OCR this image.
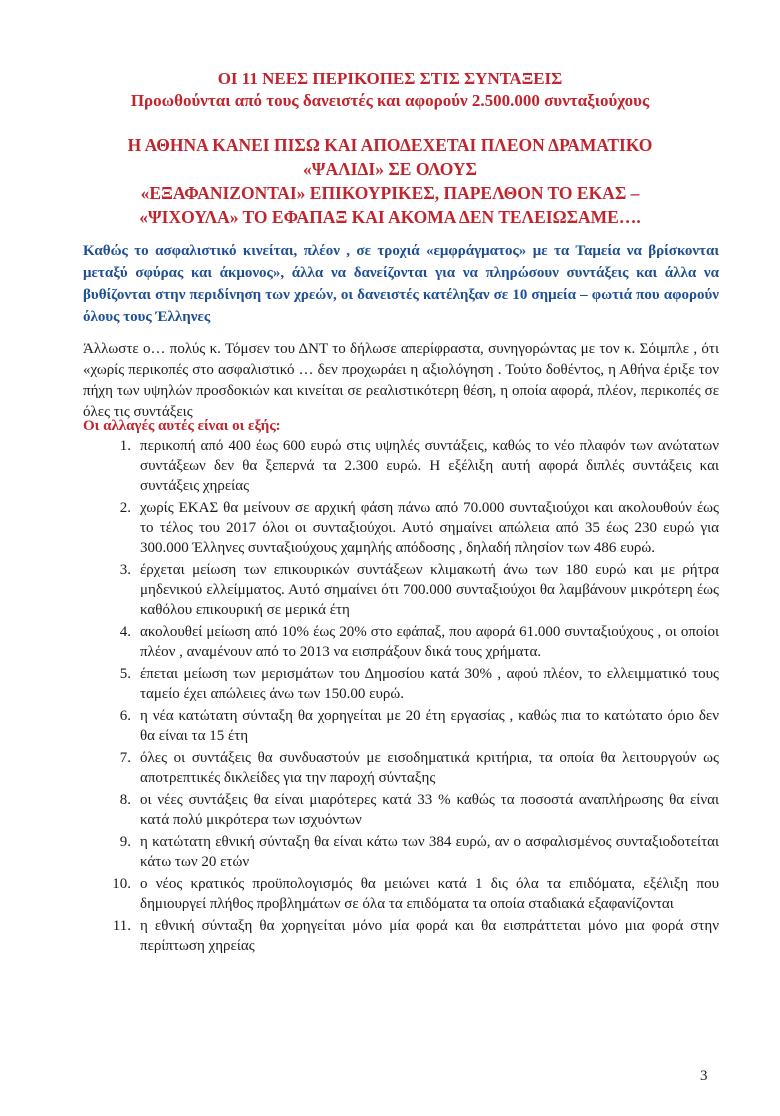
ΟΙ 11 ΝΕΕΣ ΠΕΡΙΚΟΠΕΣ ΣΤΙΣ ΣΥΝΤΑΞΕΙΣ
Προωθούνται από τους δανειστές και αφορούν 2.500.000 συνταξιούχους
Η ΑΘΗΝΑ ΚΑΝΕΙ ΠΙΣΩ ΚΑΙ ΑΠΟΔΕΧΕΤΑΙ ΠΛΕΟΝ ΔΡΑΜΑΤΙΚΟ
«ΨΑΛΙΔΙ» ΣΕ ΟΛΟΥΣ
«ΕΞΑΦΑΝΙΖΟΝΤΑΙ» ΕΠΙΚΟΥΡΙΚΕΣ, ΠΑΡΕΛΘΟΝ ΤΟ ΕΚΑΣ –
«ΨΙΧΟΥΛΑ» ΤΟ ΕΦΑΠΑΞ ΚΑΙ ΑΚΟΜΑ ΔΕΝ ΤΕΛΕΙΩΣΑΜΕ….

Καθώς το ασφαλιστικό κινείται, πλέον , σε τροχιά «εμφράγματος» με τα Ταμεία να βρίσκονται μεταξύ σφύρας και άκμονος», άλλα να δανείζονται για να πληρώσουν συντάξεις και άλλα να βυθίζονται στην περιδίνηση των χρεών, οι δανειστές κατέληξαν σε 10 σημεία – φωτιά που αφορούν όλους τους Έλληνες

Άλλωστε ο… πολύς κ. Τόμσεν του ΔΝΤ το δήλωσε απερίφραστα, συνηγορώντας με τον κ. Σόιμπλε , ότι «χωρίς περικοπές στο ασφαλιστικό … δεν προχωράει η αξιολόγηση . Τούτο δοθέντος, η Αθήνα έριξε τον πήχη των υψηλών προσδοκιών και κινείται σε ρεαλιστικότερη θέση, η οποία αφορά, πλέον, περικοπές σε όλες τις συντάξεις

Οι αλλαγές αυτές είναι οι εξής:
1. περικοπή από 400 έως 600 ευρώ στις υψηλές συντάξεις, καθώς το νέο πλαφόν των ανώτατων συντάξεων δεν θα ξεπερνά τα 2.300 ευρώ. Η εξέλιξη αυτή αφορά διπλές συντάξεις και συντάξεις χηρείας
2. χωρίς ΕΚΑΣ θα μείνουν σε αρχική φάση πάνω από 70.000 συνταξιούχοι και ακολουθούν έως το τέλος του 2017 όλοι οι συνταξιούχοι. Αυτό σημαίνει απώλεια από 35 έως 230 ευρώ για 300.000 Έλληνες συνταξιούχους χαμηλής απόδοσης , δηλαδή πλησίον των 486 ευρώ.
3. έρχεται μείωση των επικουρικών συντάξεων κλιμακωτή άνω των 180 ευρώ και με ρήτρα μηδενικού ελλείμματος. Αυτό σημαίνει ότι 700.000 συνταξιούχοι θα λαμβάνουν μικρότερη έως καθόλου επικουρική σε μερικά έτη
4. ακολουθεί μείωση από 10% έως 20% στο εφάπαξ, που αφορά 61.000 συνταξιούχους , οι οποίοι πλέον , αναμένουν από το 2013 να εισπράξουν δικά τους χρήματα.
5. έπεται μείωση των μερισμάτων του Δημοσίου κατά 30% , αφού πλέον, το ελλειμματικό τους ταμείο έχει απώλειες άνω των 150.00 ευρώ.
6. η νέα κατώτατη σύνταξη θα χορηγείται με 20 έτη εργασίας , καθώς πια το κατώτατο όριο δεν θα είναι τα 15 έτη
7. όλες οι συντάξεις θα συνδυαστούν με εισοδηματικά κριτήρια, τα οποία θα λειτουργούν ως αποτρεπτικές δικλείδες για την παροχή σύνταξης
8. οι νέες συντάξεις θα είναι μιαρότερες κατά 33 % καθώς τα ποσοστά αναπλήρωσης θα είναι κατά πολύ μικρότερα των ισχυόντων
9. η κατώτατη εθνική σύνταξη θα είναι κάτω των 384 ευρώ, αν ο ασφαλισμένος συνταξιοδοτείται κάτω των 20 ετών
10. ο νέος κρατικός προϋπολογισμός θα μειώνει κατά 1 δις όλα τα επιδόματα, εξέλιξη που δημιουργεί πλήθος προβλημάτων σε όλα τα επιδόματα τα οποία σταδιακά εξαφανίζονται
11. η εθνική σύνταξη θα χορηγείται μόνο μία φορά και θα εισπράττεται μόνο μια φορά στην περίπτωση χηρείας
3
